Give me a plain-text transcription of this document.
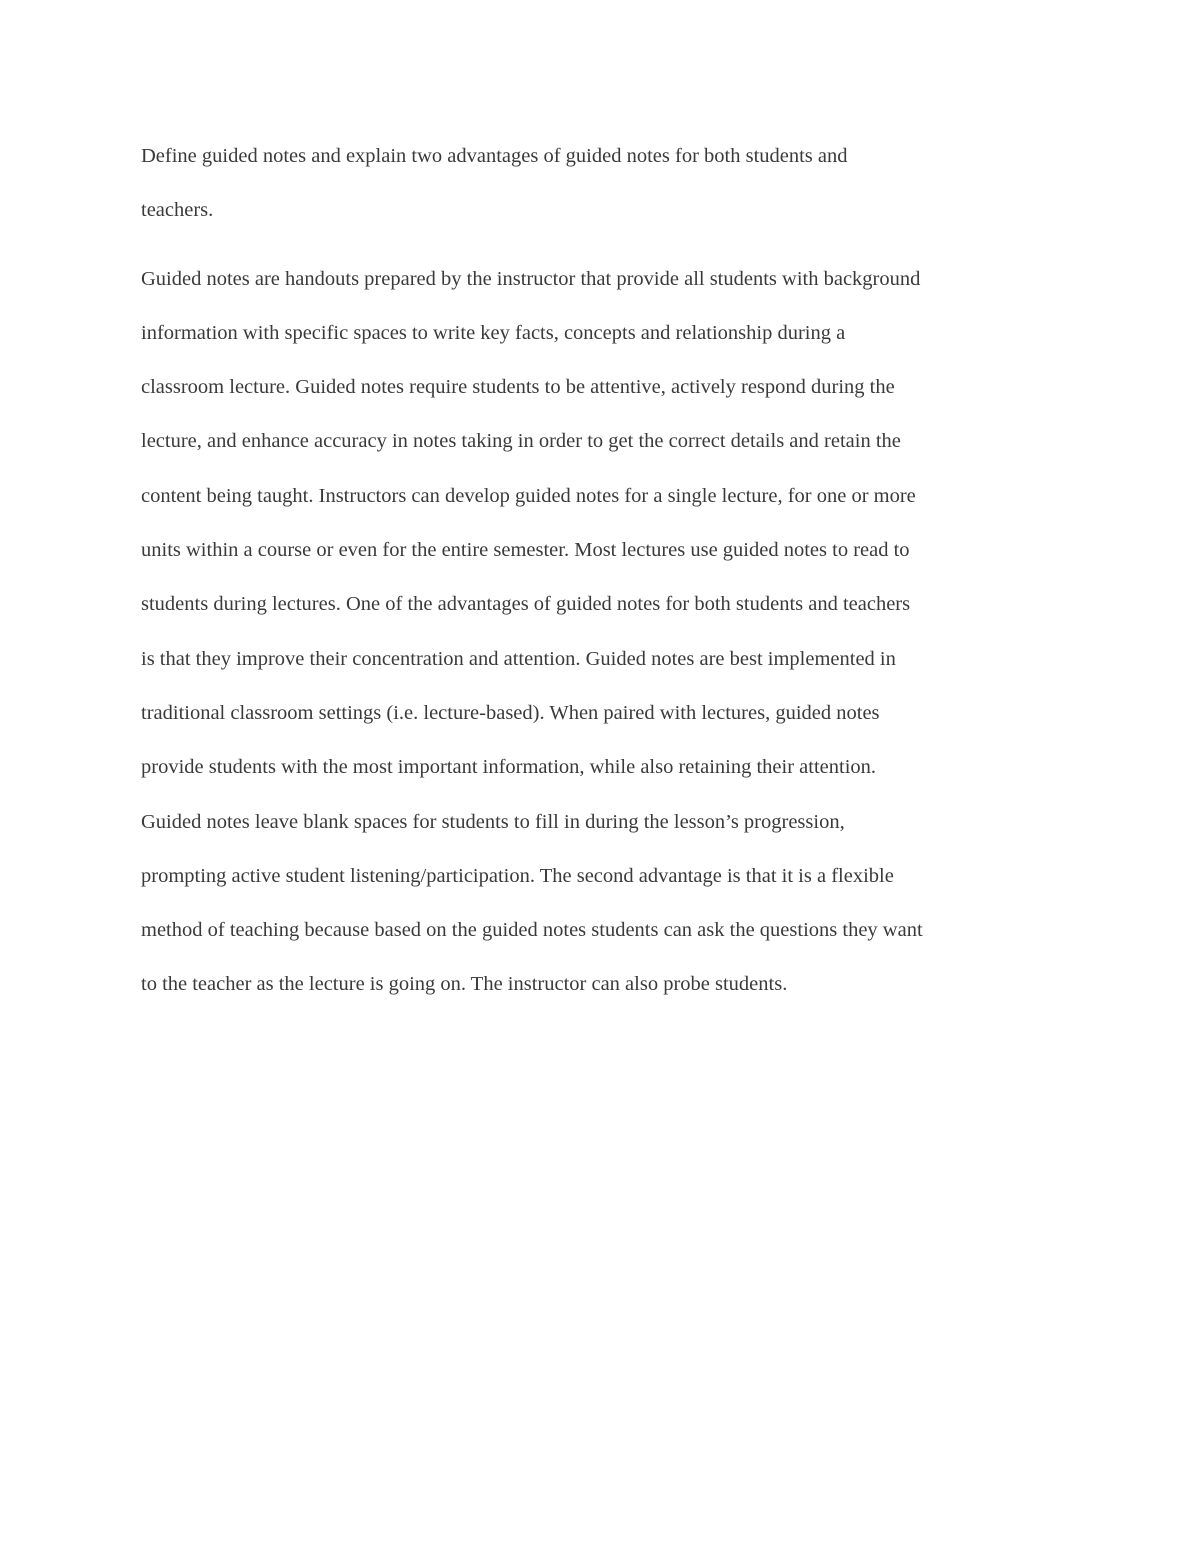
Define guided notes and explain two advantages of guided notes for both students and
teachers.

Guided notes are handouts prepared by the instructor that provide all students with background
information with specific spaces to write key facts, concepts and relationship during a
classroom lecture. Guided notes require students to be attentive, actively respond during the
lecture, and enhance accuracy in notes taking in order to get the correct details and retain the
content being taught. Instructors can develop guided notes for a single lecture, for one or more
units within a course or even for the entire semester. Most lectures use guided notes to read to
students during lectures. One of the advantages of guided notes for both students and teachers
is that they improve their concentration and attention. Guided notes are best implemented in
traditional classroom settings (i.e. lecture-based). When paired with lectures, guided notes
provide students with the most important information, while also retaining their attention.
Guided notes leave blank spaces for students to fill in during the lesson’s progression,
prompting active student listening/participation. The second advantage is that it is a flexible
method of teaching because based on the guided notes students can ask the questions they want
to the teacher as the lecture is going on. The instructor can also probe students.
